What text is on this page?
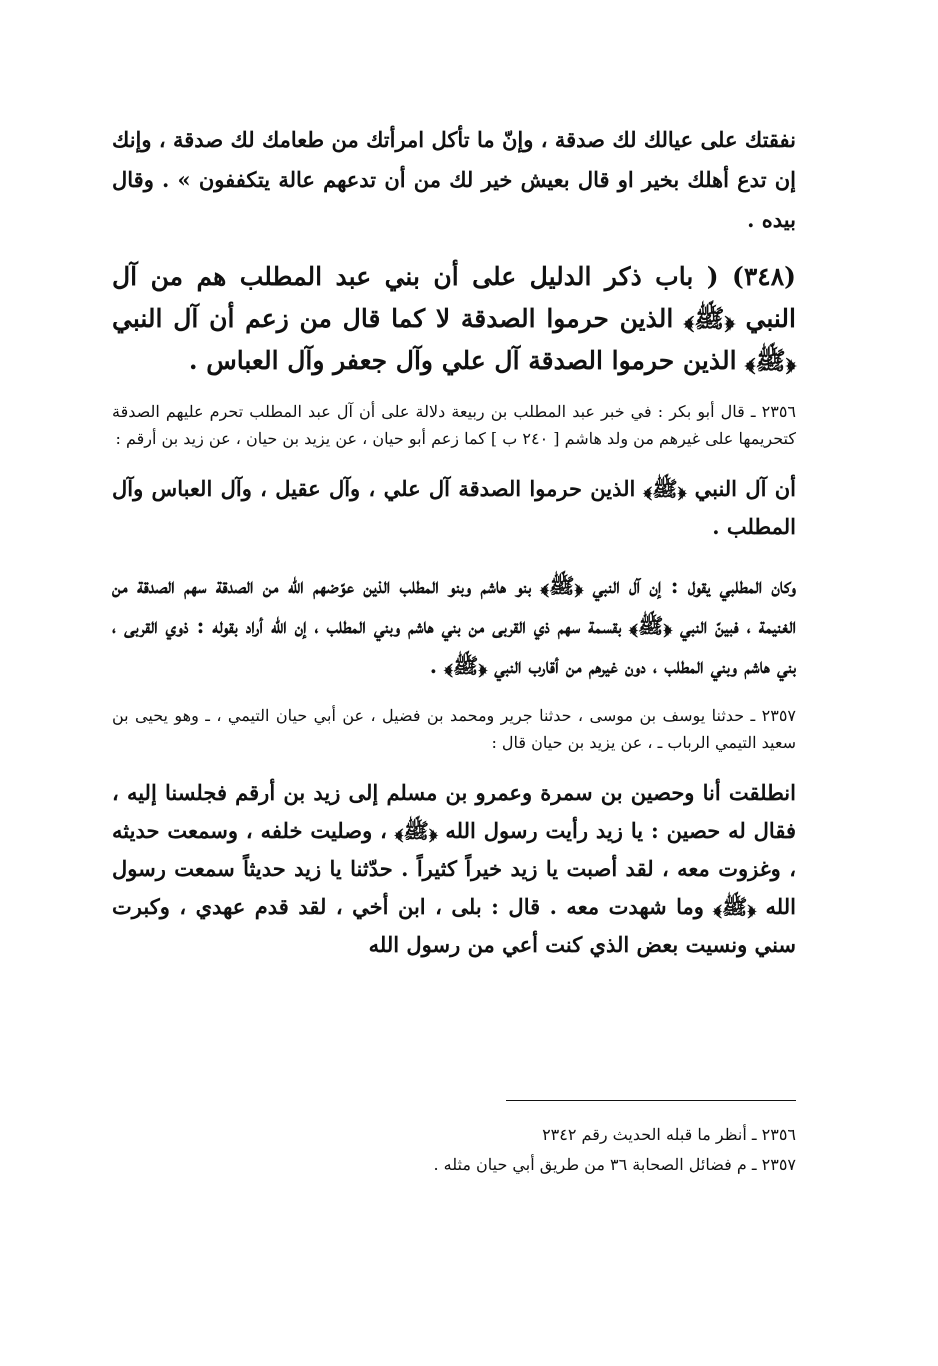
نفقتك على عيالك لك صدقة ، وإنّ ما تأكل امرأتك من طعامك لك صدقة ، وإنك إن تدع أهلك بخير او قال بعيش خير لك من أن تدعهم عالة يتكففون » . وقال بيده .

(٣٤٨) ( باب ذكر الدليل على أن بني عبد المطلب هم من آل النبي ﴿ﷺ﴾ الذين حرموا الصدقة لا كما قال من زعم أن آل النبي ﴿ﷺ﴾ الذين حرموا الصدقة آل علي وآل جعفر وآل العباس .

٢٣٥٦ ـ قال أبو بكر : في خبر عبد المطلب بن ربيعة دلالة على أن آل عبد المطلب تحرم عليهم الصدقة كتحريمها على غيرهم من ولد هاشم [ ٢٤٠ ب ] كما زعم أبو حيان ، عن يزيد بن حيان ، عن زيد بن أرقم :

أن آل النبي ﴿ﷺ﴾ الذين حرموا الصدقة آل علي ، وآل عقيل ، وآل العباس وآل المطلب .

وكان المطلبي يقول : إن آل النبي ﴿ﷺ﴾ بنو هاشم وبنو المطلب الذين عوّضهم الله من الصدقة سهم الصدقة من الغنيمة ، فبينّ النبي ﴿ﷺ﴾ بقسمة سهم ذي القربى من بني هاشم وبني المطلب ، إن الله أراد بقوله : ذوي القربى ، بني هاشم وبني المطلب ، دون غيرهم من أقارب النبي ﴿ﷺ﴾ .

٢٣٥٧ ـ حدثنا يوسف بن موسى ، حدثنا جرير ومحمد بن فضيل ، عن أبي حيان التيمي ، ـ وهو يحيى بن سعيد التيمي الرباب ـ ، عن يزيد بن حيان قال :

انطلقت أنا وحصين بن سمرة وعمرو بن مسلم إلى زيد بن أرقم فجلسنا إليه ، فقال له حصين : يا زيد رأيت رسول الله ﴿ﷺ﴾ ، وصليت خلفه ، وسمعت حديثه ، وغزوت معه ، لقد أصبت يا زيد خيراً كثيراً . حدّثنا يا زيد حديثاً سمعت رسول الله ﴿ﷺ﴾ وما شهدت معه . قال : بلى ، ابن أخي ، لقد قدم عهدي ، وكبرت سني ونسيت بعض الذي كنت أعي من رسول الله

٢٣٥٦ ـ أنظر ما قبله الحديث رقم ٢٣٤٢
٢٣٥٧ ـ م فضائل الصحابة ٣٦ من طريق أبي حيان مثله .
